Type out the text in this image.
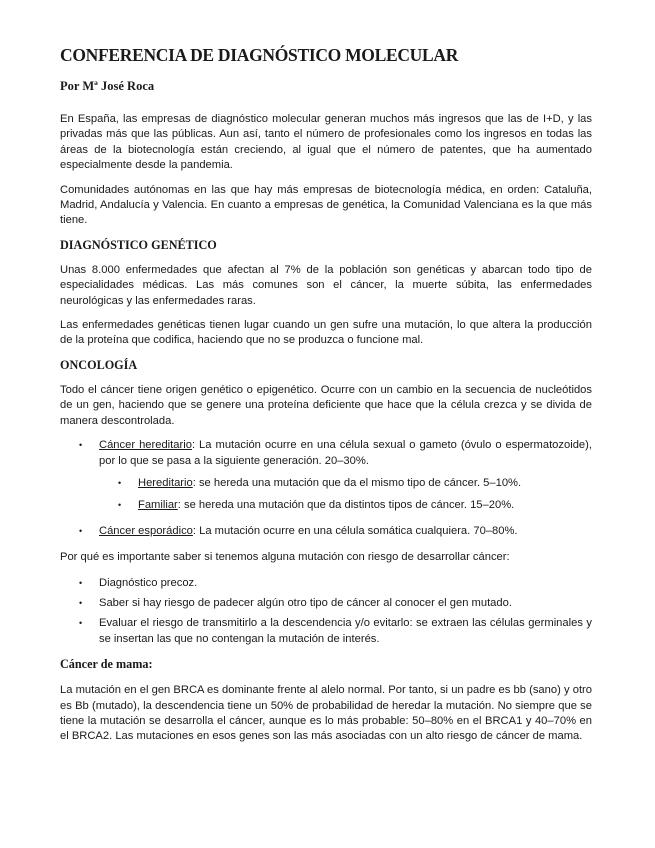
CONFERENCIA DE DIAGNÓSTICO MOLECULAR
Por Mª José Roca

En España, las empresas de diagnóstico molecular generan muchos más ingresos que las de I+D, y las privadas más que las públicas. Aun así, tanto el número de profesionales como los ingresos en todas las áreas de la biotecnología están creciendo, al igual que el número de patentes, que ha aumentado especialmente desde la pandemia.

Comunidades autónomas en las que hay más empresas de biotecnología médica, en orden: Cataluña, Madrid, Andalucía y Valencia. En cuanto a empresas de genética, la Comunidad Valenciana es la que más tiene.

DIAGNÓSTICO GENÉTICO

Unas 8.000 enfermedades que afectan al 7% de la población son genéticas y abarcan todo tipo de especialidades médicas. Las más comunes son el cáncer, la muerte súbita, las enfermedades neurológicas y las enfermedades raras.

Las enfermedades genéticas tienen lugar cuando un gen sufre una mutación, lo que altera la producción de la proteína que codifica, haciendo que no se produzca o funcione mal.

ONCOLOGÍA

Todo el cáncer tiene origen genético o epigenético. Ocurre con un cambio en la secuencia de nucleótidos de un gen, haciendo que se genere una proteína deficiente que hace que la célula crezca y se divida de manera descontrolada.

• Cáncer hereditario: La mutación ocurre en una célula sexual o gameto (óvulo o espermatozoide), por lo que se pasa a la siguiente generación. 20–30%.
• Hereditario: se hereda una mutación que da el mismo tipo de cáncer. 5–10%.
• Familiar: se hereda una mutación que da distintos tipos de cáncer. 15–20%.
• Cáncer esporádico: La mutación ocurre en una célula somática cualquiera. 70–80%.

Por qué es importante saber si tenemos alguna mutación con riesgo de desarrollar cáncer:

• Diagnóstico precoz.
• Saber si hay riesgo de padecer algún otro tipo de cáncer al conocer el gen mutado.
• Evaluar el riesgo de transmitirlo a la descendencia y/o evitarlo: se extraen las células germinales y se insertan las que no contengan la mutación de interés.
Cáncer de mama:

La mutación en el gen BRCA es dominante frente al alelo normal. Por tanto, si un padre es bb (sano) y otro es Bb (mutado), la descendencia tiene un 50% de probabilidad de heredar la mutación. No siempre que se tiene la mutación se desarrolla el cáncer, aunque es lo más probable: 50–80% en el BRCA1 y 40–70% en el BRCA2. Las mutaciones en esos genes son las más asociadas con un alto riesgo de cáncer de mama.
